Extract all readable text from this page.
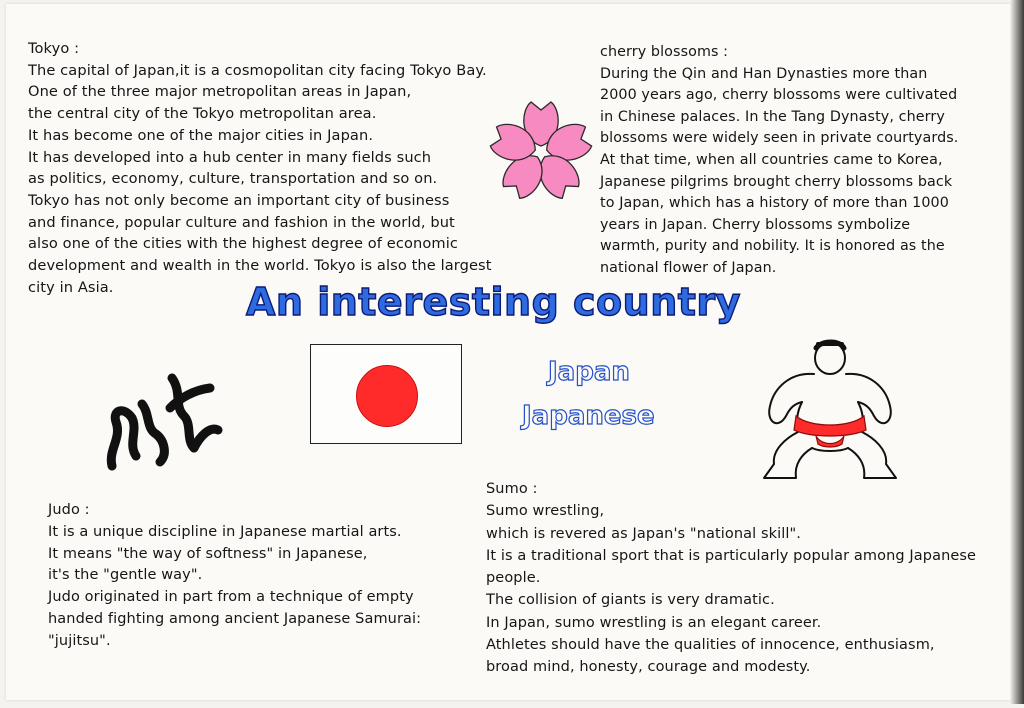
Tokyo :

The capital of Japan,it is a cosmopolitan city facing Tokyo Bay.

One of the three major metropolitan areas in Japan,

the central city of the Tokyo metropolitan area.

It has become one of the major cities in Japan.

It has developed into a hub center in many fields such

as politics, economy, culture, transportation and so on.

Tokyo has not only become an important city of business

and finance, popular culture and fashion in the world, but

also one of the cities with the highest degree of economic

development and wealth in the world. Tokyo is also the largest

city in Asia.

cherry blossoms :

During the Qin and Han Dynasties more than

2000 years ago, cherry blossoms were cultivated

in Chinese palaces. In the Tang Dynasty, cherry

blossoms were widely seen in private courtyards.

At that time, when all countries came to Korea,

Japanese pilgrims brought cherry blossoms back

to Japan, which has a history of more than 1000

years in Japan. Cherry blossoms symbolize

warmth, purity and nobility. It is honored as the

national flower of Japan.

An interesting country
Japan
Japanese

Judo :

It is a unique discipline in Japanese martial arts.

It means "the way of softness" in Japanese,

it's the "gentle way".

Judo originated in part from a technique of empty

handed fighting among ancient Japanese Samurai:

"jujitsu".

Sumo :

Sumo wrestling,

which is revered as Japan's "national skill".

It is a traditional sport that is particularly popular among Japanese

people.

The collision of giants is very dramatic.

In Japan, sumo wrestling is an elegant career.

Athletes should have the qualities of innocence, enthusiasm,

broad mind, honesty, courage and modesty.
